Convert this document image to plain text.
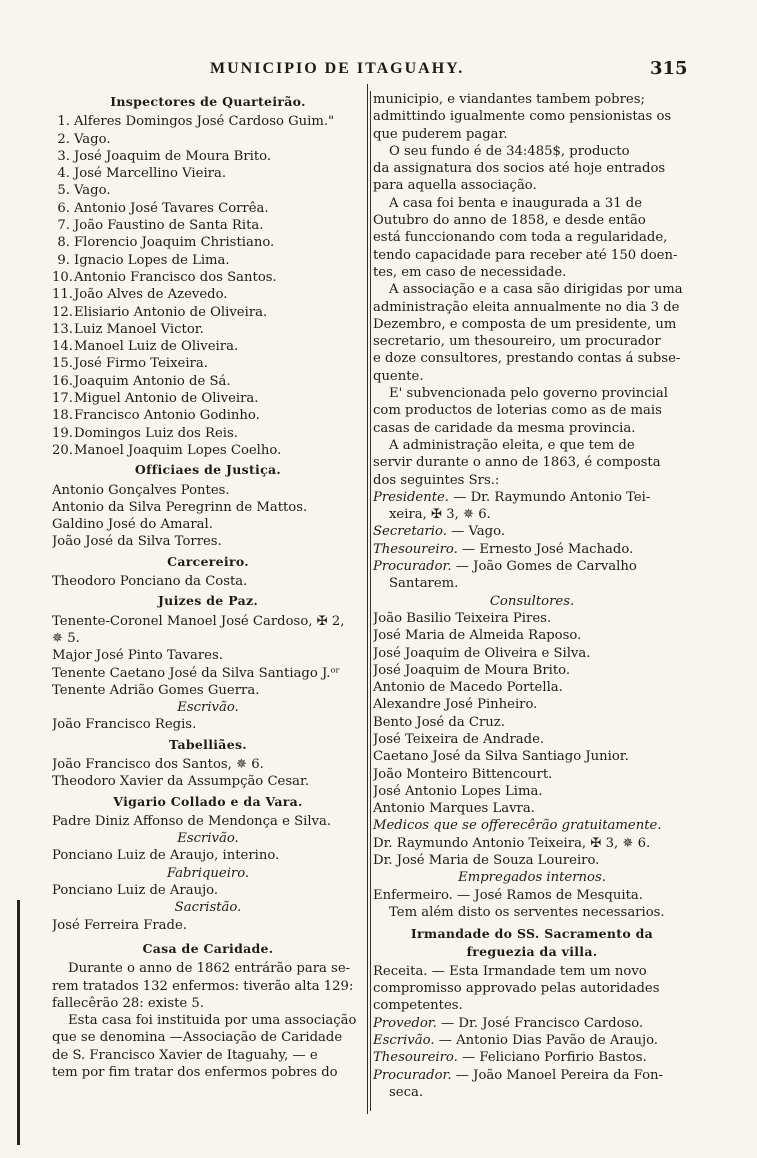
MUNICIPIO DE ITAGUAHY.	315
Inspectores de Quarteirão.
1. Alferes Domingos José Cardoso Guim."
2. Vago.
3. José Joaquim de Moura Brito.
4. José Marcellino Vieira.
5. Vago.
6. Antonio José Tavares Corrêa.
7. João Faustino de Santa Rita.
8. Florencio Joaquim Christiano.
9. Ignacio Lopes de Lima.
10.Antonio Francisco dos Santos.
11.João Alves de Azevedo.
12.Elisiario Antonio de Oliveira.
13.Luiz Manoel Victor.
14.Manoel Luiz de Oliveira.
15.José Firmo Teixeira.
16.Joaquim Antonio de Sá.
17.Miguel Antonio de Oliveira.
18.Francisco Antonio Godinho.
19.Domingos Luiz dos Reis.
20.Manoel Joaquim Lopes Coelho.
Officiaes de Justiça.
Antonio Gonçalves Pontes.
Antonio da Silva Peregrinn de Mattos.
Galdino José do Amaral.
João José da Silva Torres.
Carcereiro.
Theodoro Ponciano da Costa.
Juizes de Paz.
Tenente-Coronel Manoel José Cardoso, ✠ 2,
✵ 5.
Major José Pinto Tavares.
Tenente Caetano José da Silva Santiago J.ᵒʳ
Tenente Adrião Gomes Guerra.
Escrivão.
João Francisco Regis.
Tabelliães.
João Francisco dos Santos, ✵ 6.
Theodoro Xavier da Assumpção Cesar.
Vigario Collado e da Vara.
Padre Diniz Affonso de Mendonça e Silva.
Escrivão.
Ponciano Luiz de Araujo, interino.
Fabriqueiro.
Ponciano Luiz de Araujo.
Sacristão.
José Ferreira Frade.
Casa de Caridade.
Durante o anno de 1862 entrárão para se-
rem tratados 132 enfermos: tiverão alta 129:
fallecêrão 28: existe 5.
Esta casa foi instituida por uma associação
que se denomina —Associação de Caridade
de S. Francisco Xavier de Itaguahy, — e
tem por fim tratar dos enfermos pobres do
municipio, e viandantes tambem pobres;
admittindo igualmente como pensionistas os
que puderem pagar.
O seu fundo é de 34:485$, producto
da assignatura dos socios até hoje entrados
para aquella associação.
A casa foi benta e inaugurada a 31 de
Outubro do anno de 1858, e desde então
está funccionando com toda a regularidade,
tendo capacidade para receber até 150 doen-
tes, em caso de necessidade.
A associação e a casa são dirigidas por uma
administração eleita annualmente no dia 3 de
Dezembro, e composta de um presidente, um
secretario, um thesoureiro, um procurador
e doze consultores, prestando contas á subse-
quente.
E' subvencionada pelo governo provincial
com productos de loterias como as de mais
casas de caridade da mesma provincia.
A administração eleita, e que tem de
servir durante o anno de 1863, é composta
dos seguintes Srs.:
Presidente. — Dr. Raymundo Antonio Tei-
xeira, ✠ 3, ✵ 6.
Secretario. — Vago.
Thesoureiro. — Ernesto José Machado.
Procurador. — João Gomes de Carvalho
Santarem.
Consultores.
João Basilio Teixeira Pires.
José Maria de Almeida Raposo.
José Joaquim de Oliveira e Silva.
José Joaquim de Moura Brito.
Antonio de Macedo Portella.
Alexandre José Pinheiro.
Bento José da Cruz.
José Teixeira de Andrade.
Caetano José da Silva Santiago Junior.
João Monteiro Bittencourt.
José Antonio Lopes Lima.
Antonio Marques Lavra.
Medicos que se offerecêrão gratuitamente.
Dr. Raymundo Antonio Teixeira, ✠ 3, ✵ 6.
Dr. José Maria de Souza Loureiro.
Empregados internos.
Enfermeiro. — José Ramos de Mesquita.
Tem além disto os serventes necessarios.
Irmandade do SS. Sacramento da
freguezia da villa.
Receita. — Esta Irmandade tem um novo
compromisso approvado pelas autoridades
competentes.
Provedor. — Dr. José Francisco Cardoso.
Escrivão. — Antonio Dias Pavão de Araujo.
Thesoureiro. — Feliciano Porfirio Bastos.
Procurador. — João Manoel Pereira da Fon-
seca.
